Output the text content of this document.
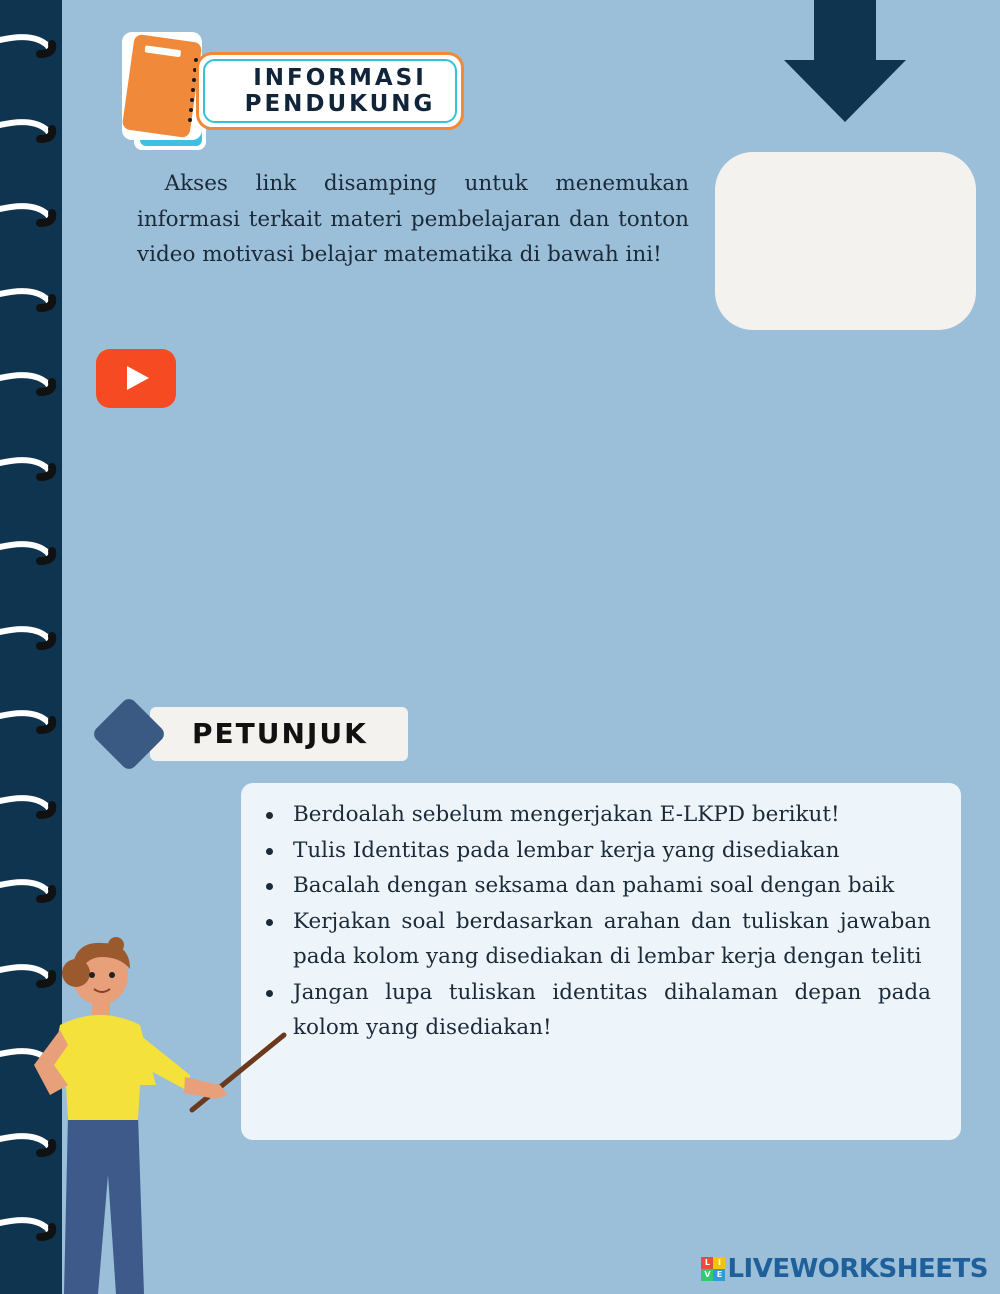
INFORMASI
PENDUKUNG

Akses link disamping untuk menemukan informasi terkait materi pembelajaran dan tonton video motivasi belajar matematika di bawah ini!

PETUNJUK
Berdoalah sebelum mengerjakan E-LKPD berikut!
Tulis Identitas pada lembar kerja yang disediakan
Bacalah dengan seksama dan pahami soal dengan baik
Kerjakan soal berdasarkan arahan dan tuliskan jawaban pada kolom yang disediakan di lembar kerja dengan teliti
Jangan lupa tuliskan identitas dihalaman depan pada kolom yang disediakan!
L I
V E LIVEWORKSHEETS
